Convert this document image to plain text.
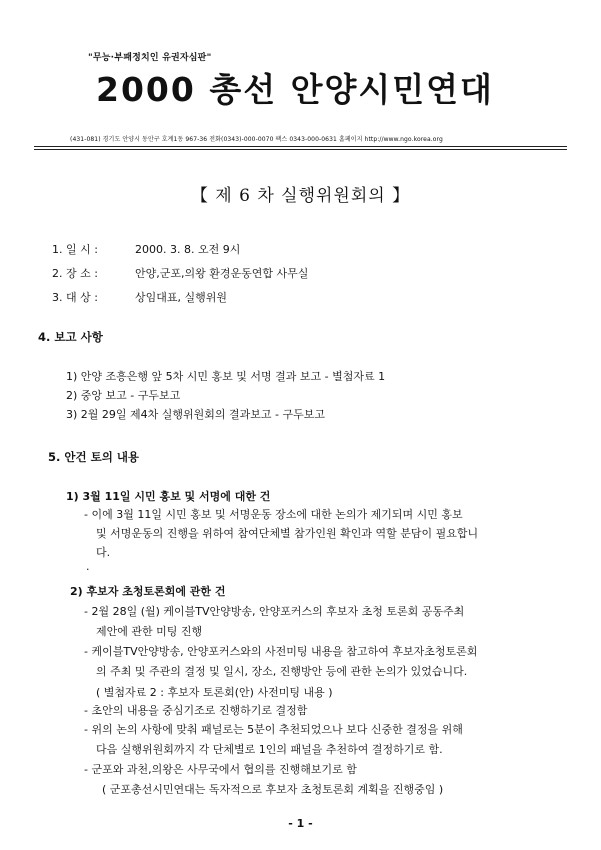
"무능·부패정치인 유권자심판"
2000 총선 안양시민연대
(431-081) 경기도 안양시 동안구 호계1동 967-36 전화(0343)-000-0070 팩스 0343-000-0631 홈페이지 http://www.ngo.korea.org
【 제 6 차 실행위원회의 】
1. 일 시 :	2000. 3. 8. 오전 9시
2. 장 소 :	안양,군포,의왕 환경운동연합 사무실
3. 대 상 :	상임대표, 실행위원
4. 보고 사항
1) 안양 조흥은행 앞 5차 시민 홍보 및 서명 결과 보고 - 별첨자료 1
2) 중앙 보고 - 구두보고
3) 2월 29일 제4차 실행위원회의 결과보고 - 구두보고
5. 안건 토의 내용
1) 3월 11일 시민 홍보 및 서명에 대한 건
- 이에 3월 11일 시민 홍보 및 서명운동 장소에 대한 논의가 제기되며 시민 홍보
및 서명운동의 진행을 위하여 참여단체별 참가인원 확인과 역할 분담이 필요합니
다.
·
2) 후보자 초청토론회에 관한 건
- 2월 28일 (월) 케이블TV안양방송, 안양포커스의 후보자 초청 토론회 공동주최
제안에 관한 미팅 진행
- 케이블TV안양방송, 안양포커스와의 사전미팅 내용을 참고하여 후보자초청토론회
의 주최 및 주관의 결정 및 일시, 장소, 진행방안 등에 관한 논의가 있었습니다.
( 별첨자료 2 : 후보자 토론회(안) 사전미팅 내용 )
- 초안의 내용을 중심기조로 진행하기로 결정함
- 위의 논의 사항에 맞춰 패널로는 5분이 추천되었으나 보다 신중한 결정을 위해
다음 실행위원회까지 각 단체별로 1인의 패널을 추천하여 결정하기로 함.
- 군포와 과천,의왕은 사무국에서 협의를 진행해보기로 함
( 군포총선시민연대는 독자적으로 후보자 초청토론회 계획을 진행중임 )
- 1 -
